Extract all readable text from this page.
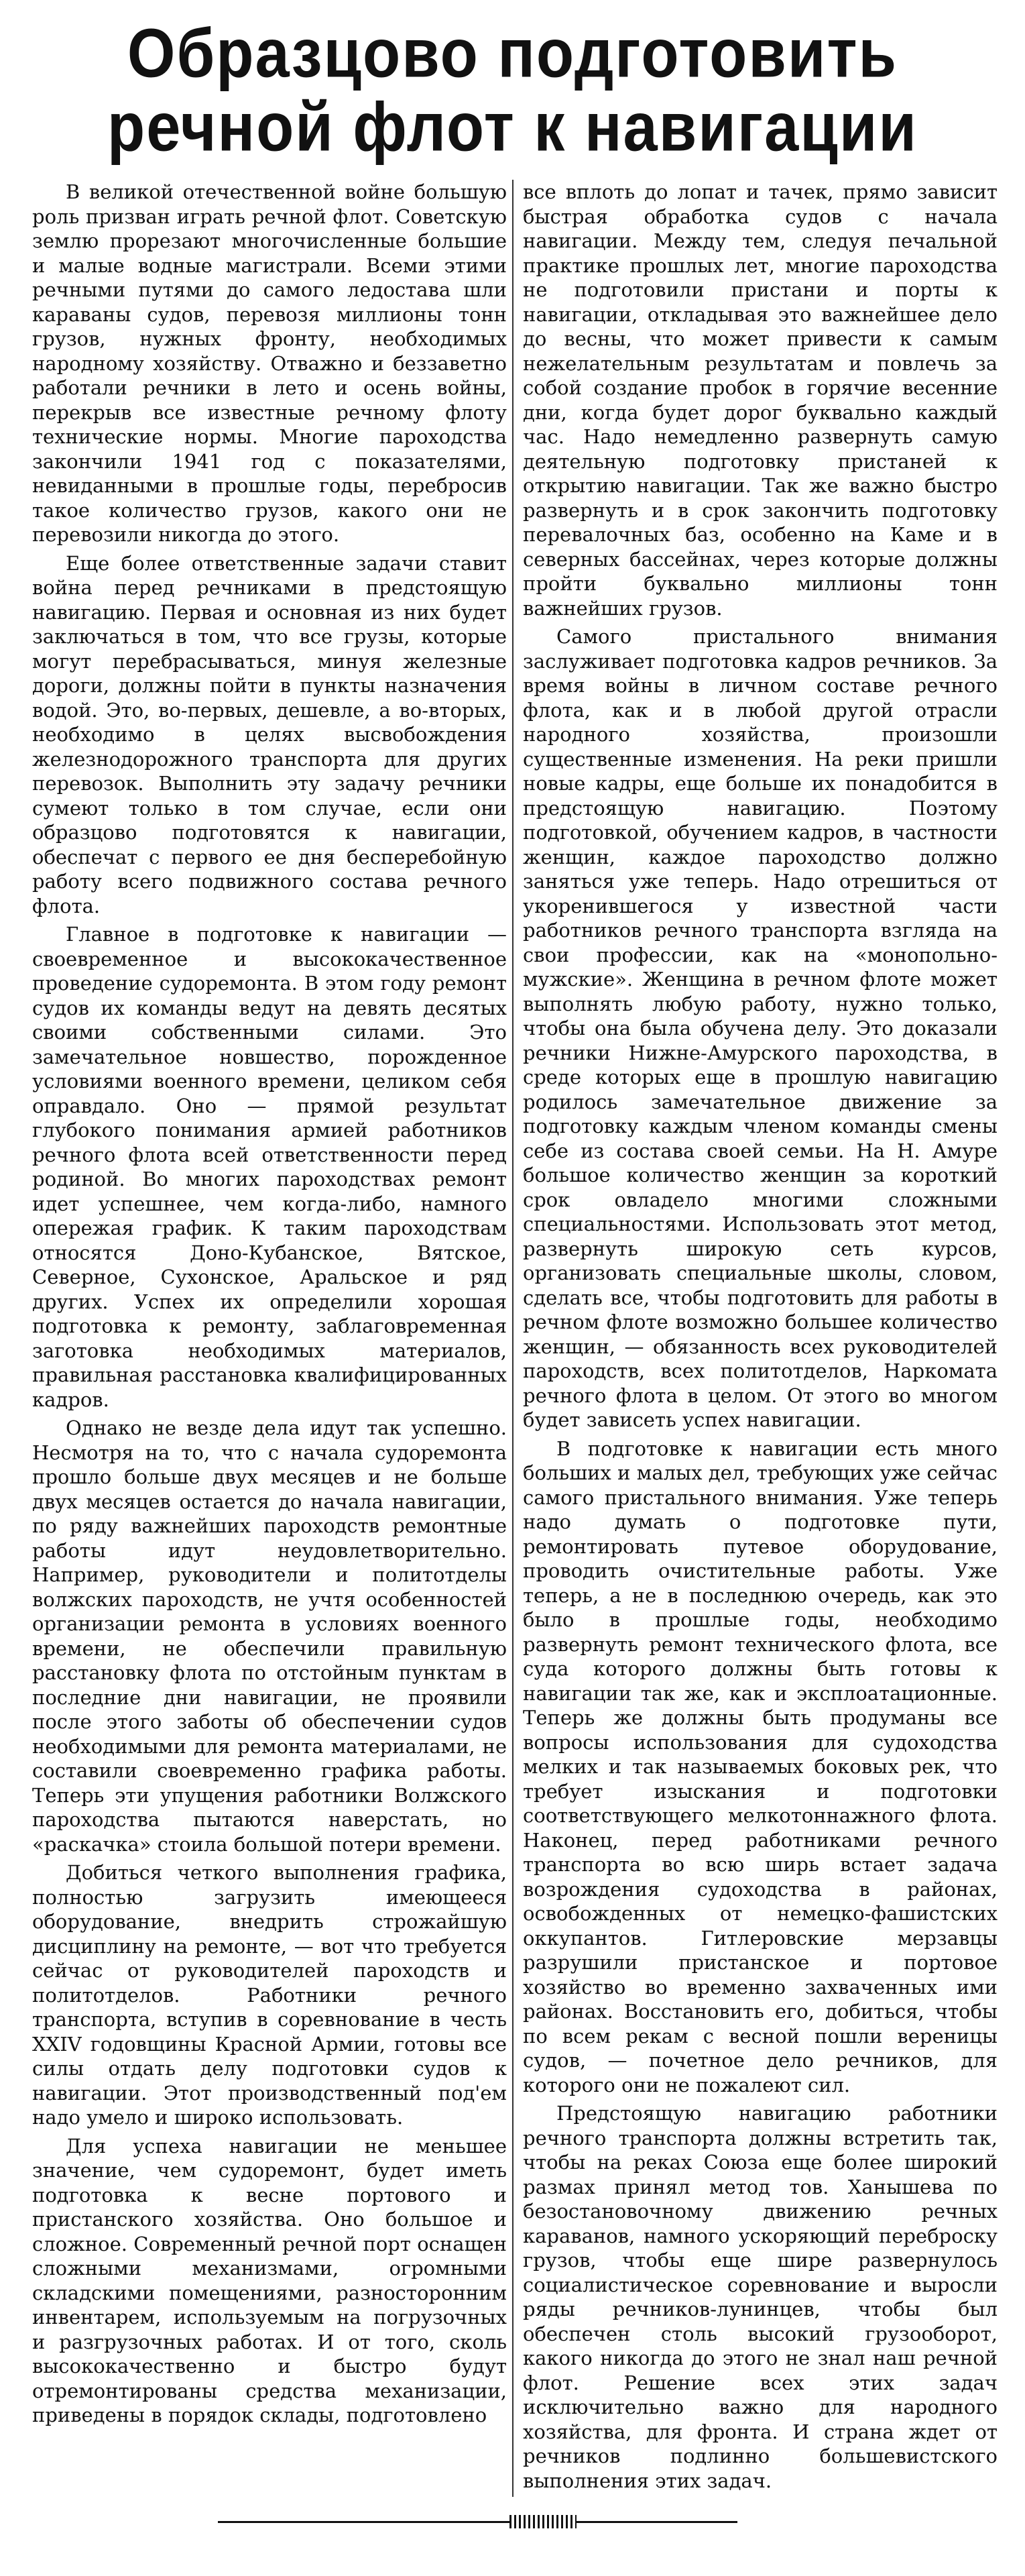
Образцово подготовить
речной флот к навигации

В великой отечественной войне большую роль призван играть речной флот. Советскую землю прорезают многочисленные большие и малые водные магистрали. Всеми этими речными путями до самого ледостава шли караваны судов, перевозя миллионы тонн грузов, нужных фронту, необходимых народному хозяйству. Отважно и беззаветно работали речники в лето и осень войны, перекрыв все известные речному флоту технические нормы. Многие пароходства закончили 1941 год с показателями, невиданными в прошлые годы, перебросив такое количество грузов, какого они не перевозили никогда до этого.

Еще более ответственные задачи ставит война перед речниками в предстоящую навигацию. Первая и основная из них будет заключаться в том, что все грузы, которые могут перебрасываться, минуя железные дороги, должны пойти в пункты назначения водой. Это, во-первых, дешевле, а во-вторых, необходимо в целях высвобождения железнодорожного транспорта для других перевозок. Выполнить эту задачу речники сумеют только в том случае, если они образцово подготовятся к навигации, обеспечат с первого ее дня бесперебойную работу всего подвижного состава речного флота.

Главное в подготовке к навигации — своевременное и высококачественное проведение судоремонта. В этом году ремонт судов их команды ведут на девять десятых своими собственными силами. Это замечательное новшество, порожденное условиями военного времени, целиком себя оправдало. Оно — прямой результат глубокого понимания армией работников речного флота всей ответственности перед родиной. Во многих пароходствах ремонт идет успешнее, чем когда-либо, намного опережая график. К таким пароходствам относятся Доно-Кубанское, Вятское, Северное, Сухонское, Аральское и ряд других. Успех их определили хорошая подготовка к ремонту, заблаговременная заготовка необходимых материалов, правильная расстановка квалифицированных кадров.

Однако не везде дела идут так успешно. Несмотря на то, что с начала судоремонта прошло больше двух месяцев и не больше двух месяцев остается до начала навигации, по ряду важнейших пароходств ремонтные работы идут неудовлетворительно. Например, руководители и политотделы волжских пароходств, не учтя особенностей организации ремонта в условиях военного времени, не обеспечили правильную расстановку флота по отстойным пунктам в последние дни навигации, не проявили после этого заботы об обеспечении судов необходимыми для ремонта материалами, не составили своевременно графика работы. Теперь эти упущения работники Волжского пароходства пытаются наверстать, но «раскачка» стоила большой потери времени.

Добиться четкого выполнения графика, полностью загрузить имеющееся оборудование, внедрить строжайшую дисциплину на ремонте, — вот что требуется сейчас от руководителей пароходств и политотделов. Работники речного транспорта, вступив в соревнование в честь XXIV годовщины Красной Армии, готовы все силы отдать делу подготовки судов к навигации. Этот производственный под'ем надо умело и широко использовать.

Для успеха навигации не меньшее значение, чем судоремонт, будет иметь подготовка к весне портового и пристанского хозяйства. Оно большое и сложное. Современный речной порт оснащен сложными механизмами, огромными складскими помещениями, разносторонним инвентарем, используемым на погрузочных и разгрузочных работах. И от того, сколь высококачественно и быстро будут отремонтированы средства механизации, приведены в порядок склады, подготовлено

все вплоть до лопат и тачек, прямо зависит быстрая обработка судов с начала навигации. Между тем, следуя печальной практике прошлых лет, многие пароходства не подготовили пристани и порты к навигации, откладывая это важнейшее дело до весны, что может привести к самым нежелательным результатам и повлечь за собой создание пробок в горячие весенние дни, когда будет дорог буквально каждый час. Надо немедленно развернуть самую деятельную подготовку пристаней к открытию навигации. Так же важно быстро развернуть и в срок закончить подготовку перевалочных баз, особенно на Каме и в северных бассейнах, через которые должны пройти буквально миллионы тонн важнейших грузов.

Самого пристального внимания заслуживает подготовка кадров речников. За время войны в личном составе речного флота, как и в любой другой отрасли народного хозяйства, произошли существенные изменения. На реки пришли новые кадры, еще больше их понадобится в предстоящую навигацию. Поэтому подготовкой, обучением кадров, в частности женщин, каждое пароходство должно заняться уже теперь. Надо отрешиться от укоренившегося у известной части работников речного транспорта взгляда на свои профессии, как на «монопольно-мужские». Женщина в речном флоте может выполнять любую работу, нужно только, чтобы она была обучена делу. Это доказали речники Нижне-Амурского пароходства, в среде которых еще в прошлую навигацию родилось замечательное движение за подготовку каждым членом команды смены себе из состава своей семьи. На Н. Амуре большое количество женщин за короткий срок овладело многими сложными специальностями. Использовать этот метод, развернуть широкую сеть курсов, организовать специальные школы, словом, сделать все, чтобы подготовить для работы в речном флоте возможно большее количество женщин, — обязанность всех руководителей пароходств, всех политотделов, Наркомата речного флота в целом. От этого во многом будет зависеть успех навигации.

В подготовке к навигации есть много больших и малых дел, требующих уже сейчас самого пристального внимания. Уже теперь надо думать о подготовке пути, ремонтировать путевое оборудование, проводить очистительные работы. Уже теперь, а не в последнюю очередь, как это было в прошлые годы, необходимо развернуть ремонт технического флота, все суда которого должны быть готовы к навигации так же, как и эксплоатационные. Теперь же должны быть продуманы все вопросы использования для судоходства мелких и так называемых боковых рек, что требует изыскания и подготовки соответствующего мелкотоннажного флота. Наконец, перед работниками речного транспорта во всю ширь встает задача возрождения судоходства в районах, освобожденных от немецко-фашистских оккупантов. Гитлеровские мерзавцы разрушили пристанское и портовое хозяйство во временно захваченных ими районах. Восстановить его, добиться, чтобы по всем рекам с весной пошли вереницы судов, — почетное дело речников, для которого они не пожалеют сил.

Предстоящую навигацию работники речного транспорта должны встретить так, чтобы на реках Союза еще более широкий размах принял метод тов. Ханышева по безостановочному движению речных караванов, намного ускоряющий переброску грузов, чтобы еще шире развернулось социалистическое соревнование и выросли ряды речников-лунинцев, чтобы был обеспечен столь высокий грузооборот, какого никогда до этого не знал наш речной флот. Решение всех этих задач исключительно важно для народного хозяйства, для фронта. И страна ждет от речников подлинно большевистского выполнения этих задач.
